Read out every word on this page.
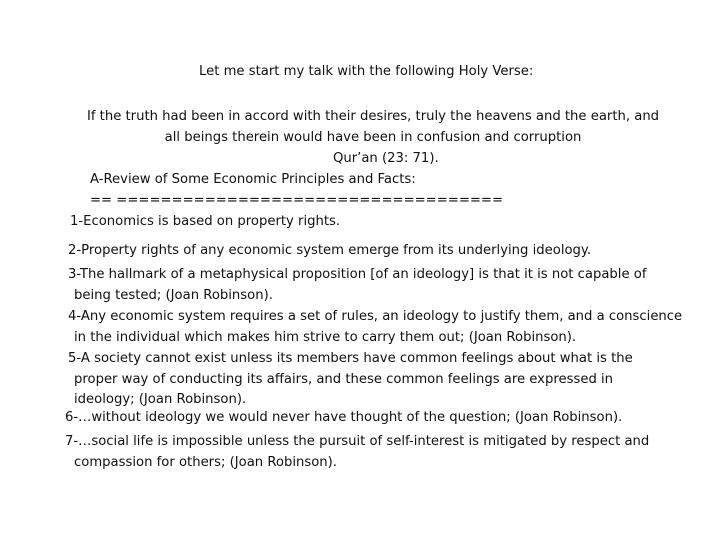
Let me start my talk with the following Holy Verse:
If the truth had been in accord with their desires, truly the heavens and the earth, and all beings therein would have been in confusion and corruption
Qur’an (23: 71).
A-Review of Some Economic Principles and Facts:
== ===================================
1-Economics is based on property rights.
2-Property rights of any economic system emerge from its underlying ideology.
3-The hallmark of a metaphysical proposition [of an ideology] is that it is not capable of being tested; (Joan Robinson).
4-Any economic system requires a set of rules, an ideology to justify them, and a conscience in the individual which makes him strive to carry them out; (Joan Robinson).
5-A society cannot exist unless its members have common feelings about what is the proper way of conducting its affairs, and these common feelings are expressed in ideology; (Joan Robinson).
6-…without ideology we would never have thought of the question; (Joan Robinson).
7-…social life is impossible unless the pursuit of self-interest is mitigated by respect and compassion for others; (Joan Robinson).
